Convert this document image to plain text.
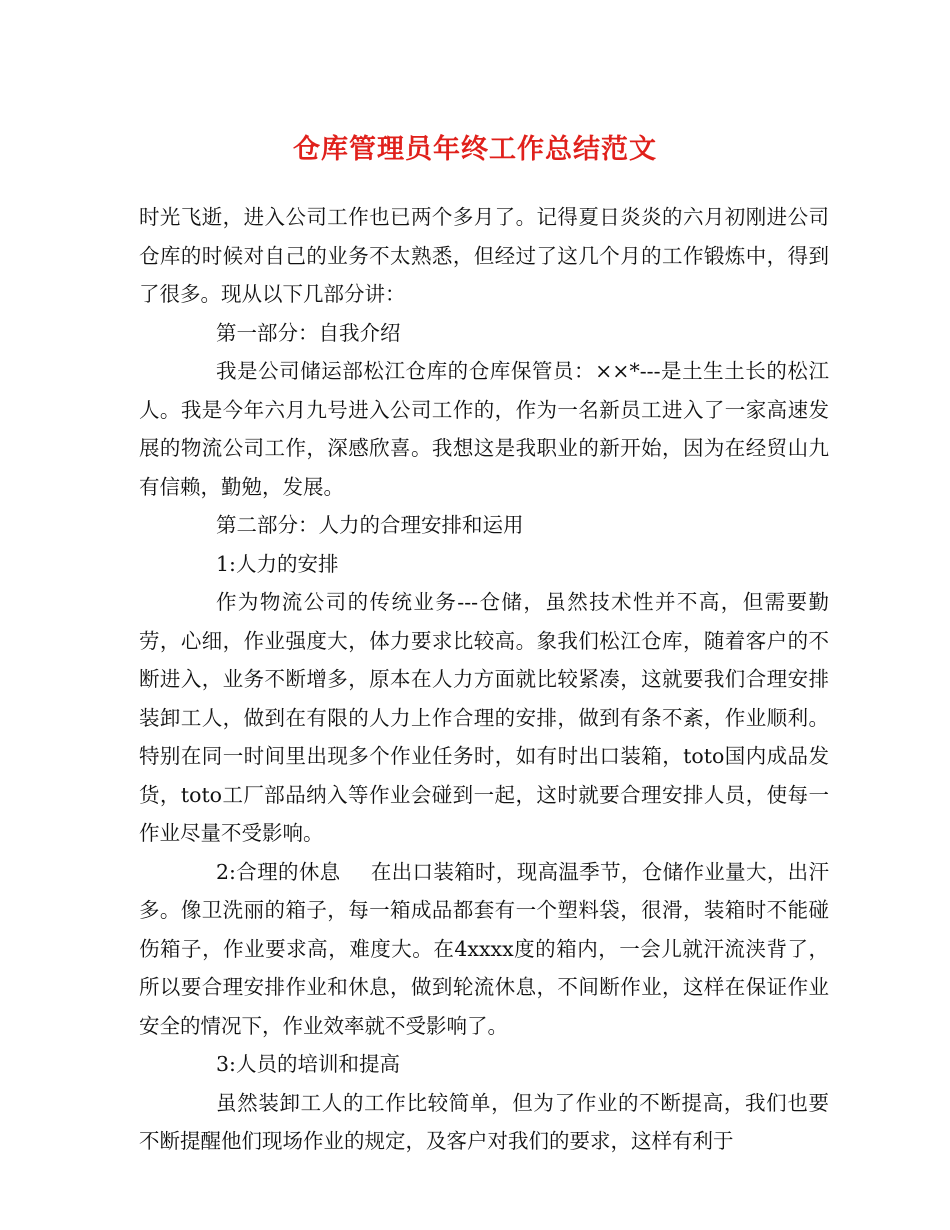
仓库管理员年终工作总结范文

时光飞逝，进入公司工作也已两个多月了。记得夏日炎炎的六月初刚进公司仓库的时候对自己的业务不太熟悉，但经过了这几个月的工作锻炼中，得到了很多。现从以下几部分讲：

第一部分：自我介绍

我是公司储运部松江仓库的仓库保管员：××*---是土生土长的松江人。我是今年六月九号进入公司工作的，作为一名新员工进入了一家高速发展的物流公司工作，深感欣喜。我想这是我职业的新开始，因为在经贸山九有信赖，勤勉，发展。

第二部分：人力的合理安排和运用

1:人力的安排

作为物流公司的传统业务---仓储，虽然技术性并不高，但需要勤劳，心细，作业强度大，体力要求比较高。象我们松江仓库，随着客户的不断进入，业务不断增多，原本在人力方面就比较紧凑，这就要我们合理安排装卸工人，做到在有限的人力上作合理的安排，做到有条不紊，作业顺利。特别在同一时间里出现多个作业任务时，如有时出口装箱，toto国内成品发货，toto工厂部品纳入等作业会碰到一起，这时就要合理安排人员，使每一作业尽量不受影响。

2:合理的休息 在出口装箱时，现高温季节，仓储作业量大，出汗多。像卫洗丽的箱子，每一箱成品都套有一个塑料袋，很滑，装箱时不能碰伤箱子，作业要求高，难度大。在4xxxx度的箱内，一会儿就汗流浃背了，所以要合理安排作业和休息，做到轮流休息，不间断作业，这样在保证作业安全的情况下，作业效率就不受影响了。

3:人员的培训和提高

虽然装卸工人的工作比较简单，但为了作业的不断提高，我们也要不断提醒他们现场作业的规定，及客户对我们的要求，这样有利于
